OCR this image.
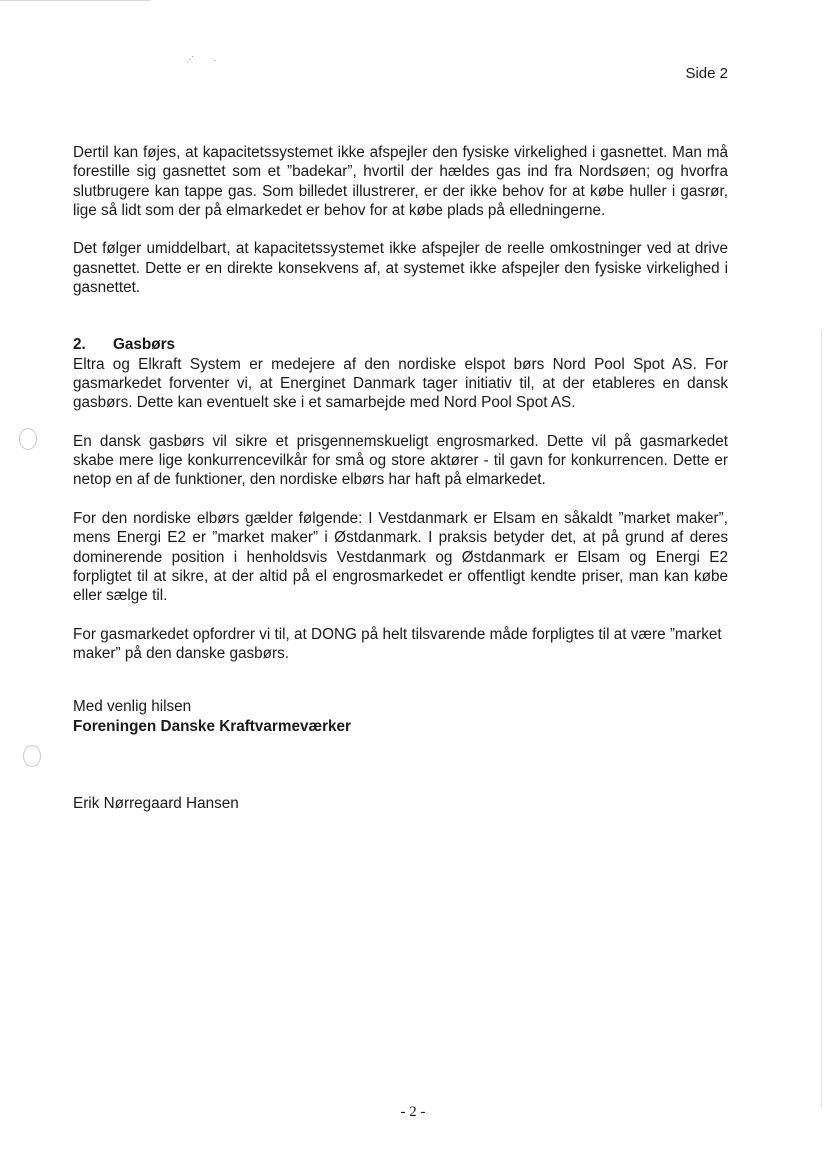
⋰         ⸳
Side 2

Dertil kan føjes, at kapacitetssystemet ikke afspejler den fysiske virkelighed i gasnettet. Man må forestille sig gasnettet som et ”badekar”, hvortil der hældes gas ind fra Nordsøen; og hvorfra slutbrugere kan tappe gas. Som billedet illustrerer, er der ikke behov for at købe huller i gasrør, lige så lidt som der på elmarkedet er behov for at købe plads på elledningerne.

Det følger umiddelbart, at kapacitetssystemet ikke afspejler de reelle omkostninger ved at drive gasnettet. Dette er en direkte konsekvens af, at systemet ikke afspejler den fysiske virkelighed i gasnettet.

2. Gasbørs

Eltra og Elkraft System er medejere af den nordiske elspot børs Nord Pool Spot AS. For gasmarkedet forventer vi, at Energinet Danmark tager initiativ til, at der etableres en dansk gasbørs. Dette kan eventuelt ske i et samarbejde med Nord Pool Spot AS.

En dansk gasbørs vil sikre et prisgennemskueligt engrosmarked. Dette vil på gasmarkedet skabe mere lige konkurrencevilkår for små og store aktører - til gavn for konkurrencen. Dette er netop en af de funktioner, den nordiske elbørs har haft på elmarkedet.

For den nordiske elbørs gælder følgende: I Vestdanmark er Elsam en såkaldt ”market maker”, mens Energi E2 er ”market maker” i Østdanmark. I praksis betyder det, at på grund af deres dominerende position i henholdsvis Vestdanmark og Østdanmark er Elsam og Energi E2 forpligtet til at sikre, at der altid på el engrosmarkedet er offentligt kendte priser, man kan købe eller sælge til.

For gasmarkedet opfordrer vi til, at DONG på helt tilsvarende måde forpligtes til at være ”market maker” på den danske gasbørs.

Med venlig hilsen
Foreningen Danske Kraftvarmeværker
Erik Nørregaard Hansen
- 2 -
